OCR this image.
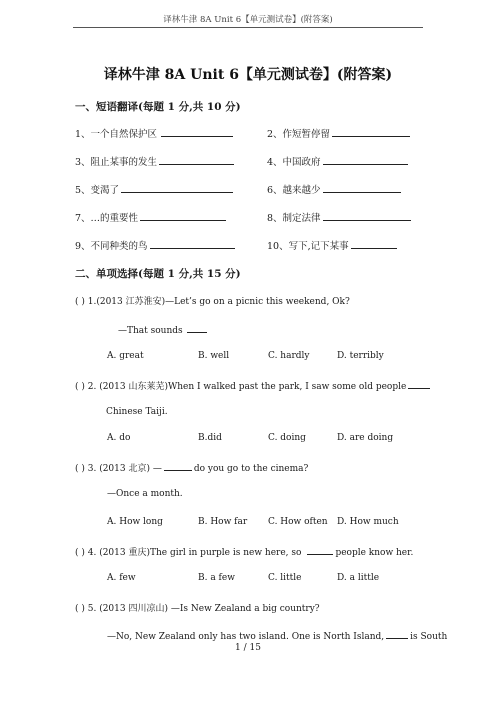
译林牛津 8A Unit 6【单元测试卷】(附答案)
译林牛津 8A Unit 6【单元测试卷】(附答案)
一、短语翻译(每题 1 分,共 10 分)
1、一个自然保护区	2、作短暂停留
3、阻止某事的发生	4、中国政府
5、变渴了	6、越来越少
7、…的重要性	8、制定法律
9、不同种类的鸟	10、写下,记下某事
二、单项选择(每题 1 分,共 15 分)
( ) 1.(2013 江苏淮安)—Let’s go on a picnic this weekend, Ok?
—That sounds
A. great	B. well	C. hardly	D. terribly
( ) 2. (2013 山东莱芜)When I walked past the park, I saw some old people
Chinese Taiji.
A. do	B.did	C. doing	D. are doing
( ) 3. (2013 北京) —	do you go to the cinema?
—Once a month.
A. How long	B. How far C. How often D. How much
( ) 4. (2013 重庆)The girl in purple is new here, so	people know her.
A. few	B. a few	C. little	D. a little
( ) 5. (2013 四川凉山) —Is New Zealand a big country?
—No, New Zealand only has two island. One is North Island,	is South
1 / 15
